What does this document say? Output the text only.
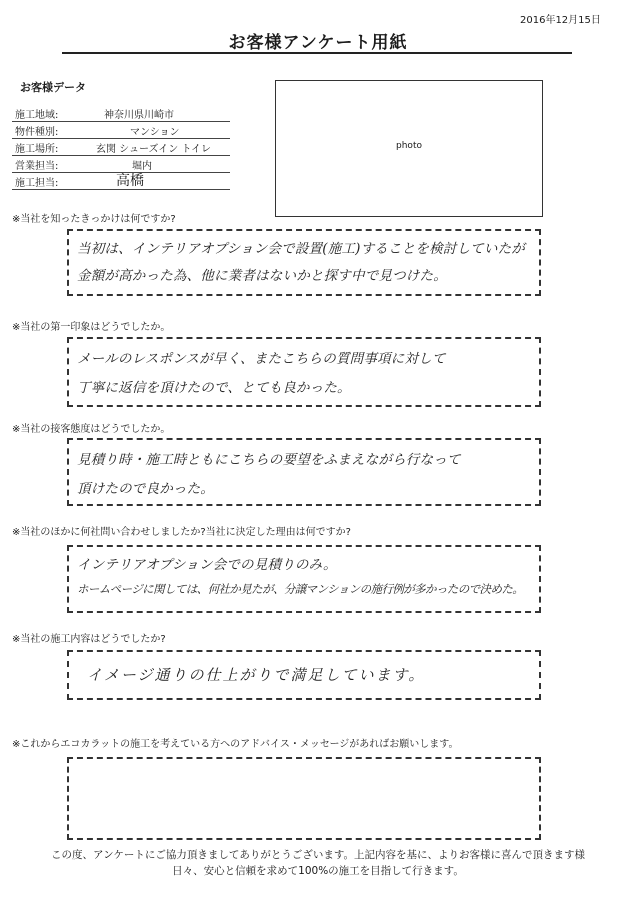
2016年12月15日
お客様アンケート用紙
お客様データ
施工地域:	神奈川県川崎市
物件種別:	マンション
施工場所:	玄関 シューズイン トイレ
営業担当:	堀内
施工担当:	高橋
photo
※当社を知ったきっかけは何ですか?
当初は、インテリアオプション会で設置(施工)することを検討していたが
金額が高かった為、他に業者はないかと探す中で見つけた。
※当社の第一印象はどうでしたか。
メールのレスポンスが早く、またこちらの質問事項に対して
丁寧に返信を頂けたので、とても良かった。
※当社の接客態度はどうでしたか。
見積り時・施工時ともにこちらの要望をふまえながら行なって
頂けたので良かった。
※当社のほかに何社問い合わせしましたか?当社に決定した理由は何ですか?
インテリアオプション会での見積りのみ。
ホームページに関しては、何社か見たが、分譲マンションの施行例が多かったので決めた。
※当社の施工内容はどうでしたか?
イメージ通りの仕上がりで満足しています。
※これからエコカラットの施工を考えている方へのアドバイス・メッセージがあればお願いします。
この度、アンケートにご協力頂きましてありがとうございます。上記内容を基に、よりお客様に喜んで頂きます様
日々、安心と信頼を求めて100%の施工を目指して行きます。
